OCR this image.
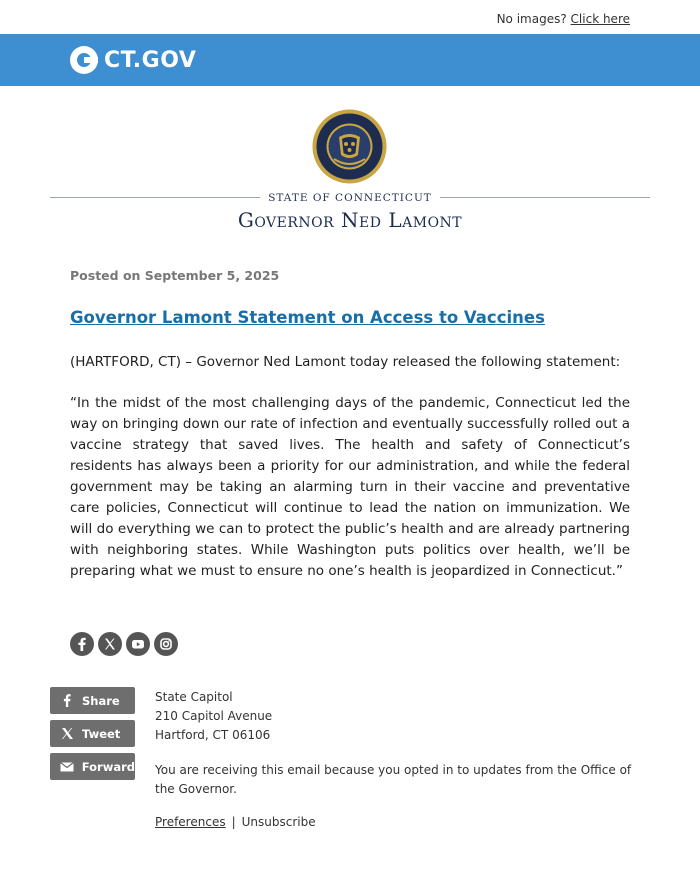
No images? Click here
CT.GOV
STATE OF CONNECTICUT
Governor Ned Lamont
Posted on September 5, 2025
Governor Lamont Statement on Access to Vaccines

(HARTFORD, CT) – Governor Ned Lamont today released the following statement:

“In the midst of the most challenging days of the pandemic, Connecticut led the way on bringing down our rate of infection and eventually successfully rolled out a vaccine strategy that saved lives. The health and safety of Connecticut’s residents has always been a priority for our administration, and while the federal government may be taking an alarming turn in their vaccine and preventative care policies, Connecticut will continue to lead the nation on immunization. We will do everything we can to protect the public’s health and are already partnering with neighboring states. While Washington puts politics over health, we’ll be preparing what we must to ensure no one’s health is jeopardized in Connecticut.”

Share
Tweet
Forward
State Capitol
210 Capitol Avenue
Hartford, CT 06106
You are receiving this email because you opted in to updates from the Office of the Governor.
Preferences | Unsubscribe
